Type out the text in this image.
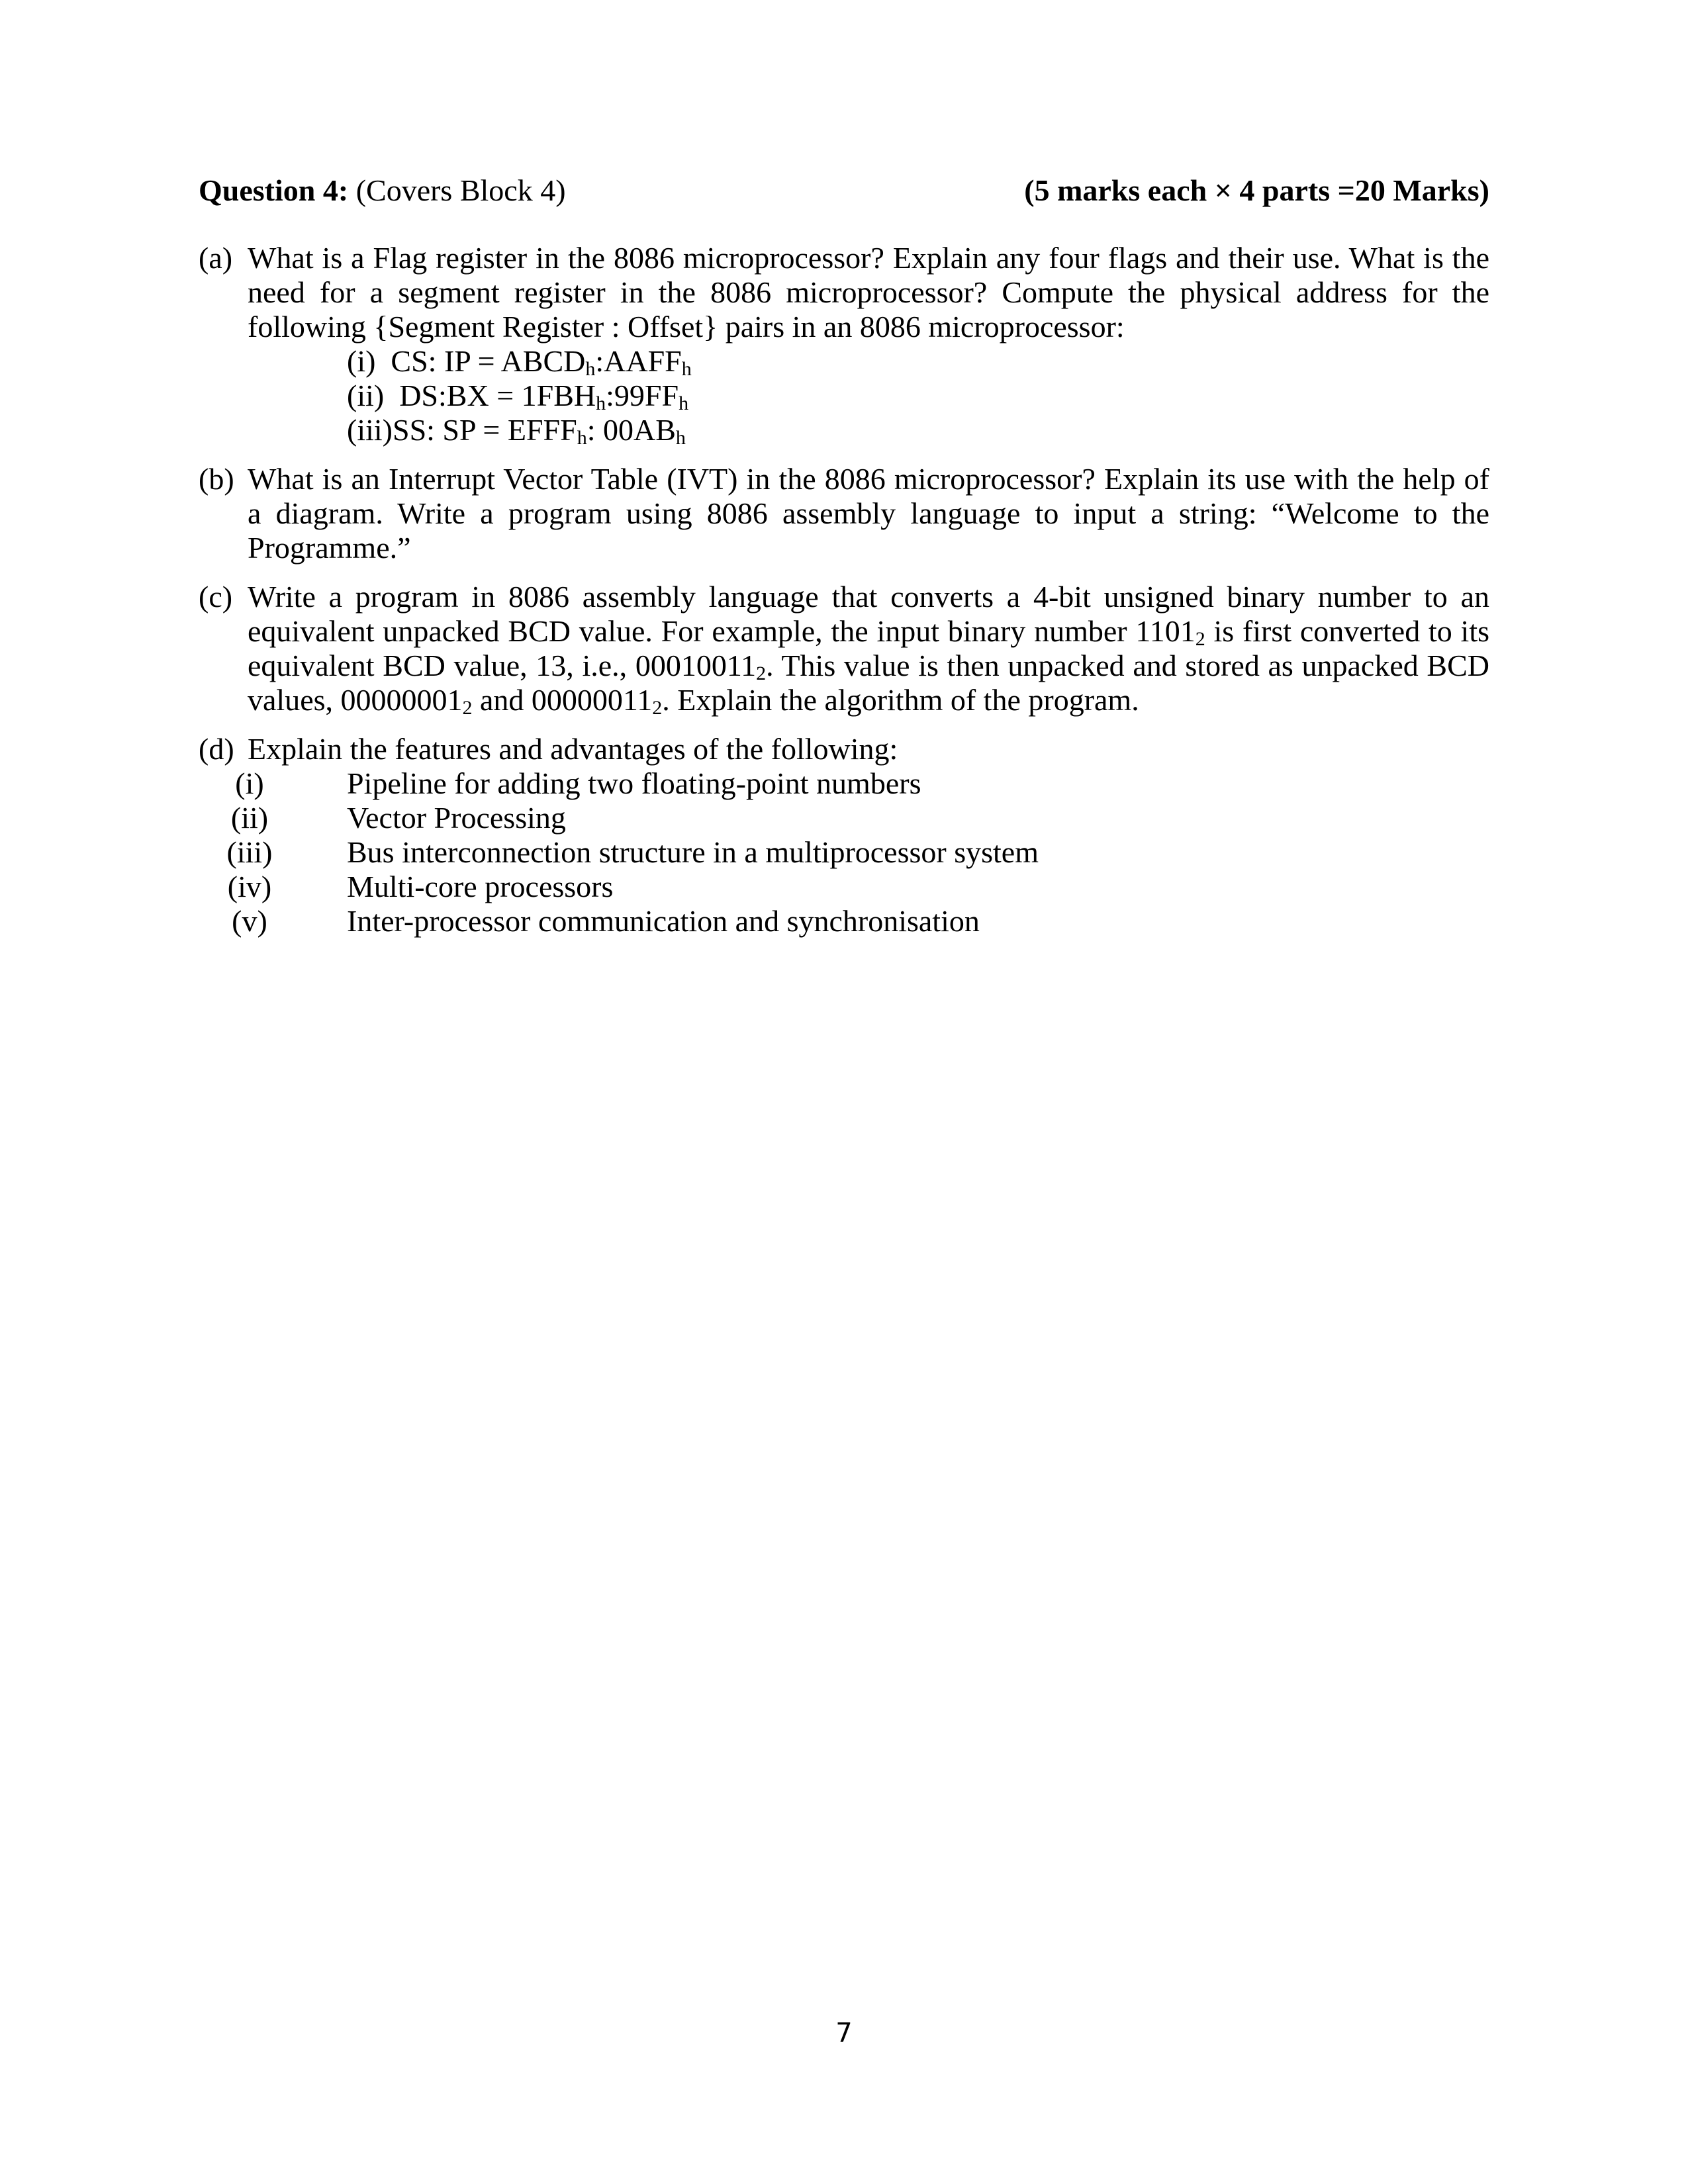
Question 4: (Covers Block 4)	(5 marks each × 4 parts =20 Marks)
(a) What is a Flag register in the 8086 microprocessor? Explain any four flags and their use. What is the need for a segment register in the 8086 microprocessor? Compute the physical address for the following {Segment Register : Offset} pairs in an 8086 microprocessor:
(i) CS: IP = $ABCD_h:AAFF_h$
(ii) DS:BX = $1FBH_h:99FF_h$
(iii)SS: SP = $EFFF_h$: $00AB_h$
(b) What is an Interrupt Vector Table (IVT) in the 8086 microprocessor? Explain its use with the help of a diagram. Write a program using 8086 assembly language to input a string: “Welcome to the Programme.”
(c) Write a program in 8086 assembly language that converts a 4-bit unsigned binary number to an equivalent unpacked BCD value. For example, the input binary number $1101_2$ is first converted to its equivalent BCD value, 13, i.e., $00010011_2$. This value is then unpacked and stored as unpacked BCD values, $00000001_2$ and $00000011_2$. Explain the algorithm of the program.
(d) Explain the features and advantages of the following:
(i)	Pipeline for adding two floating-point numbers
(ii)	Vector Processing
(iii)	Bus interconnection structure in a multiprocessor system
(iv)	Multi-core processors
(v)	Inter-processor communication and synchronisation
7
